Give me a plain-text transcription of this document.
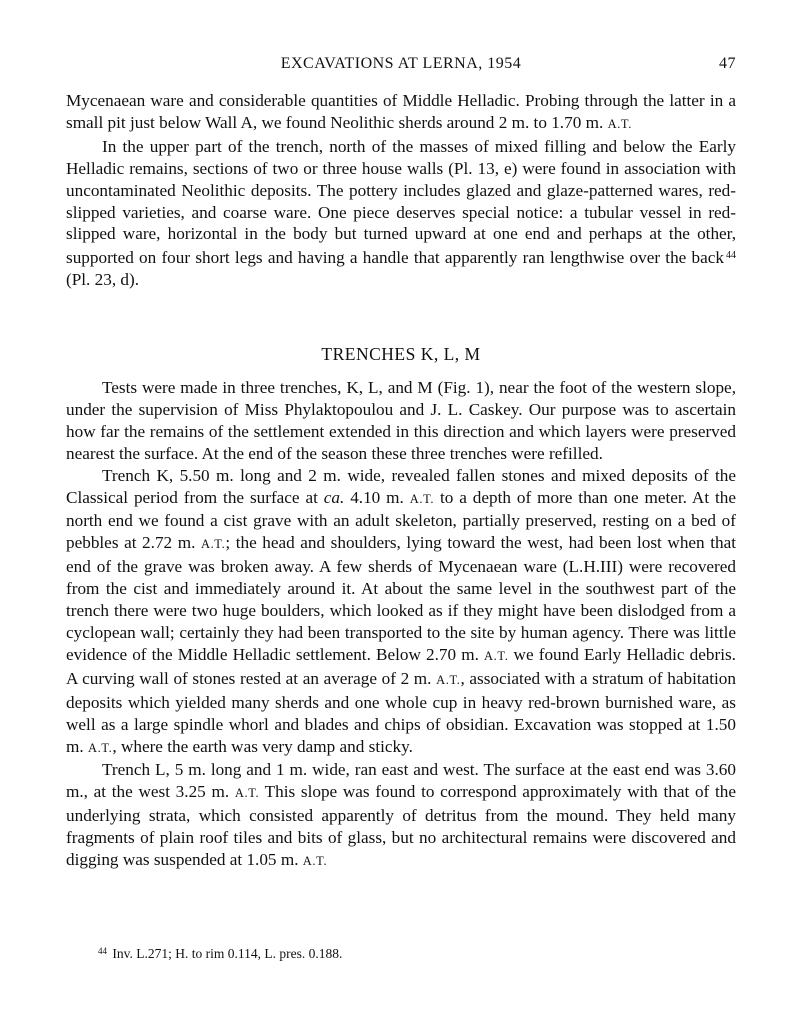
EXCAVATIONS AT LERNA, 1954	47

Mycenaean ware and considerable quantities of Middle Helladic. Probing through the latter in a small pit just below Wall A, we found Neolithic sherds around 2 m. to 1.70 m. A.T.

In the upper part of the trench, north of the masses of mixed filling and below the Early Helladic remains, sections of two or three house walls (Pl. 13, e) were found in association with uncontaminated Neolithic deposits. The pottery includes glazed and glaze-patterned wares, red-slipped varieties, and coarse ware. One piece deserves special notice: a tubular vessel in red-slipped ware, horizontal in the body but turned upward at one end and perhaps at the other, supported on four short legs and having a handle that apparently ran lengthwise over the back $^{44}$ (Pl. 23, d).

TRENCHES K, L, M

Tests were made in three trenches, K, L, and M (Fig. 1), near the foot of the western slope, under the supervision of Miss Phylaktopoulou and J. L. Caskey. Our purpose was to ascertain how far the remains of the settlement extended in this direction and which layers were preserved nearest the surface. At the end of the season these three trenches were refilled.

Trench K, 5.50 m. long and 2 m. wide, revealed fallen stones and mixed deposits of the Classical period from the surface at ca. 4.10 m. A.T. to a depth of more than one meter. At the north end we found a cist grave with an adult skeleton, partially preserved, resting on a bed of pebbles at 2.72 m. A.T.; the head and shoulders, lying toward the west, had been lost when that end of the grave was broken away. A few sherds of Mycenaean ware (L.H.III) were recovered from the cist and immediately around it. At about the same level in the southwest part of the trench there were two huge boulders, which looked as if they might have been dislodged from a cyclopean wall; certainly they had been transported to the site by human agency. There was little evidence of the Middle Helladic settlement. Below 2.70 m. A.T. we found Early Helladic debris. A curving wall of stones rested at an average of 2 m. A.T., associated with a stratum of habitation deposits which yielded many sherds and one whole cup in heavy red-brown burnished ware, as well as a large spindle whorl and blades and chips of obsidian. Excavation was stopped at 1.50 m. A.T., where the earth was very damp and sticky.

Trench L, 5 m. long and 1 m. wide, ran east and west. The surface at the east end was 3.60 m., at the west 3.25 m. A.T. This slope was found to correspond approximately with that of the underlying strata, which consisted apparently of detritus from the mound. They held many fragments of plain roof tiles and bits of glass, but no architectural remains were discovered and digging was suspended at 1.05 m. A.T.

$^{44}$ Inv. L.271; H. to rim 0.114, L. pres. 0.188.
